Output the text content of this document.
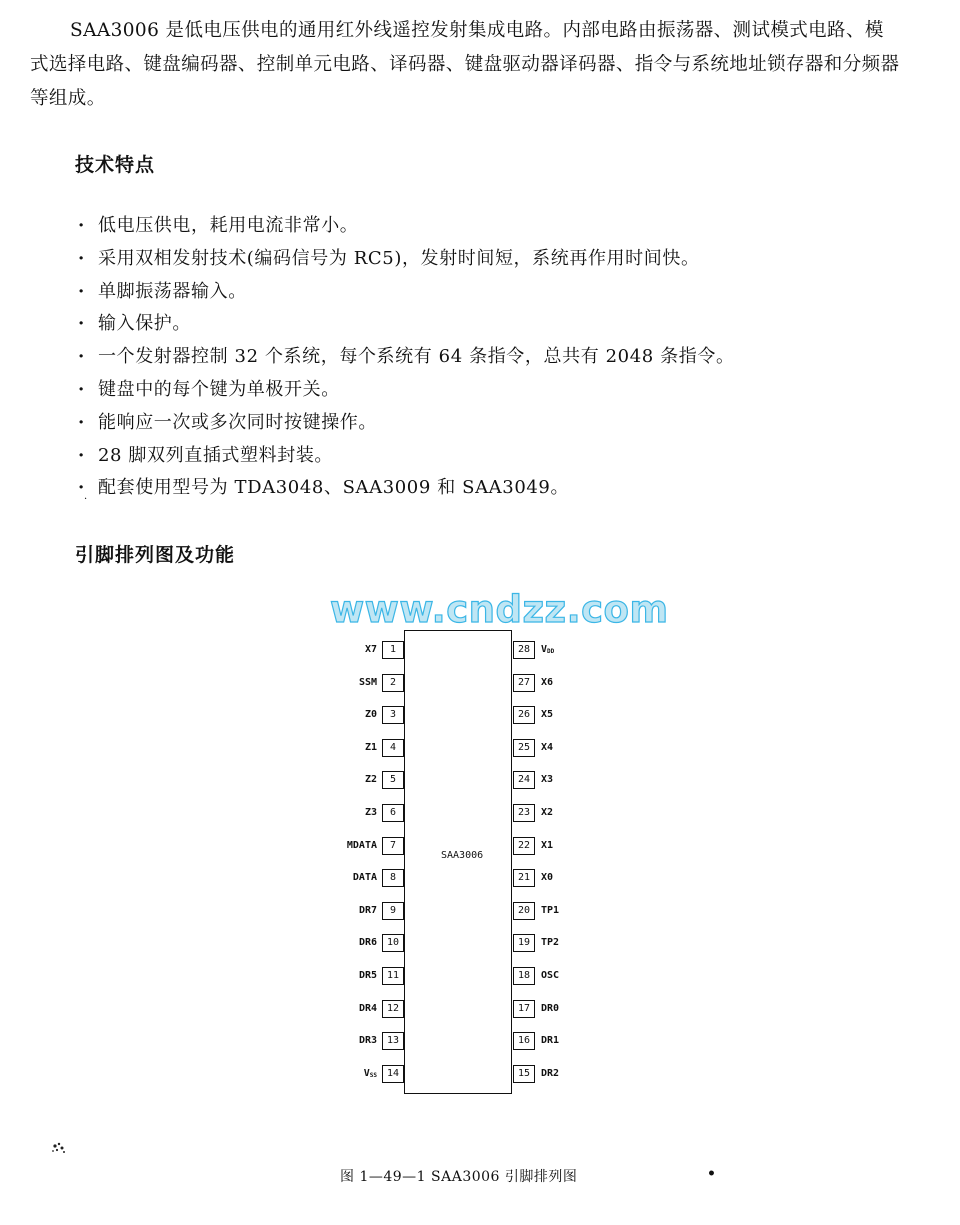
SAA3006 是低电压供电的通用红外线遥控发射集成电路。内部电路由振荡器、测试模式电路、模式选择电路、键盘编码器、控制单元电路、译码器、键盘驱动器译码器、指令与系统地址锁存器和分频器等组成。

技术特点
· 低电压供电，耗用电流非常小。
· 采用双相发射技术(编码信号为 RC5)，发射时间短，系统再作用时间快。
· 单脚振荡器输入。
· 输入保护。
· 一个发射器控制 32 个系统，每个系统有 64 条指令，总共有 2048 条指令。
· 键盘中的每个键为单极开关。
· 能响应一次或多次同时按键操作。
· 28 脚双列直插式塑料封装。
· 配套使用型号为 TDA3048、SAA3009 和 SAA3049。
·
引脚排列图及功能
SAA3006
1
X7
2
SSM
3
Z0
4
Z1
5
Z2
6
Z3
7
MDATA
8
DATA
9
DR7
10
DR6
11
DR5
12
DR4
13
DR3
14
$V_{SS}$
28	$V_{DD}$
27	X6
26	X5
25	X4
24	X3
23	X2
22	X1
21	X0
20	TP1
19	TP2
18	OSC
17	DR0
16	DR1
15	DR2
www.cndzz.com
图 1—49—1 SAA3006 引脚排列图	•
